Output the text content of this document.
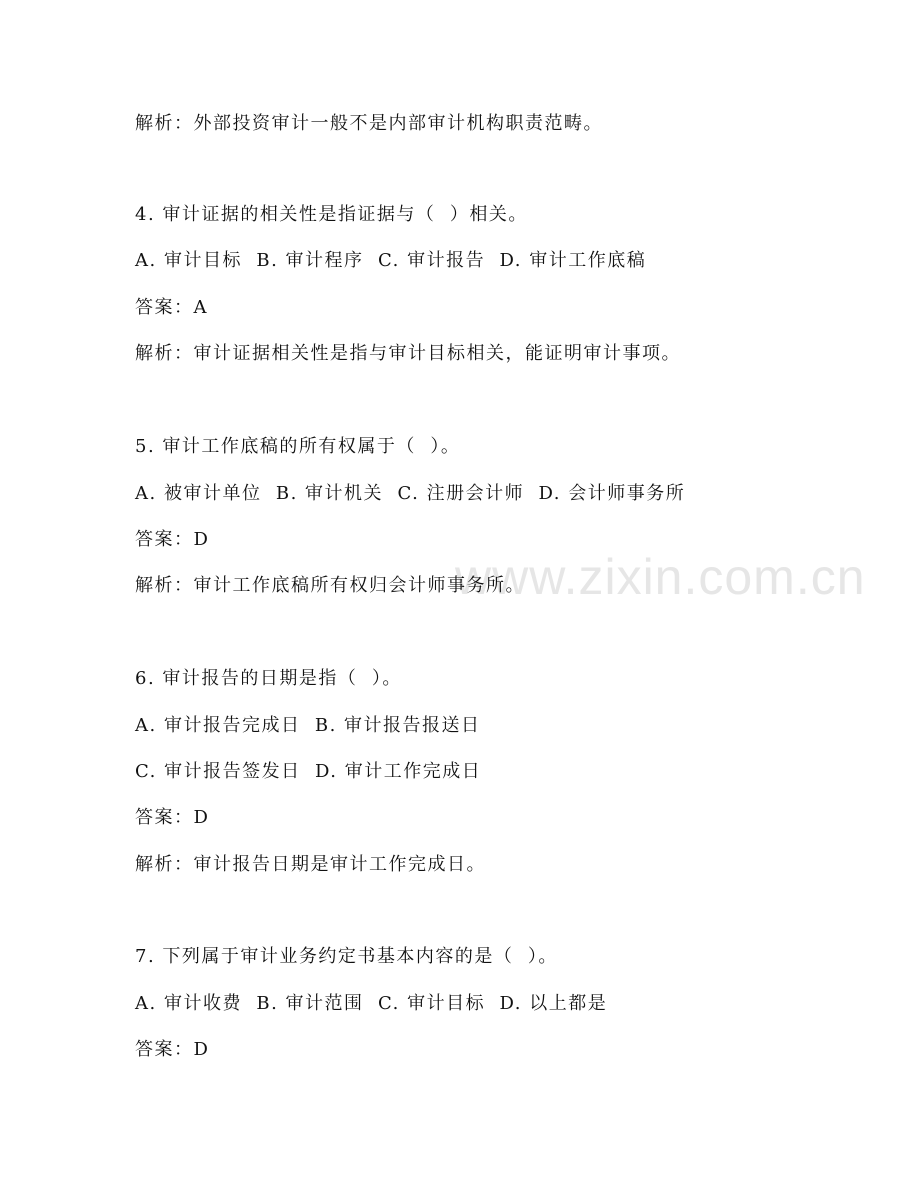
www.zixin.com.cn
解析：外部投资审计一般不是内部审计机构职责范畴。
4. 审计证据的相关性是指证据与（  ）相关。
A. 审计目标  B. 审计程序  C. 审计报告  D. 审计工作底稿
答案：A
解析：审计证据相关性是指与审计目标相关，能证明审计事项。
5. 审计工作底稿的所有权属于（  ）。
A. 被审计单位  B. 审计机关  C. 注册会计师  D. 会计师事务所
答案：D
解析：审计工作底稿所有权归会计师事务所。
6. 审计报告的日期是指（  ）。
A. 审计报告完成日  B. 审计报告报送日
C. 审计报告签发日  D. 审计工作完成日
答案：D
解析：审计报告日期是审计工作完成日。
7. 下列属于审计业务约定书基本内容的是（  ）。
A. 审计收费  B. 审计范围  C. 审计目标  D. 以上都是
答案：D
